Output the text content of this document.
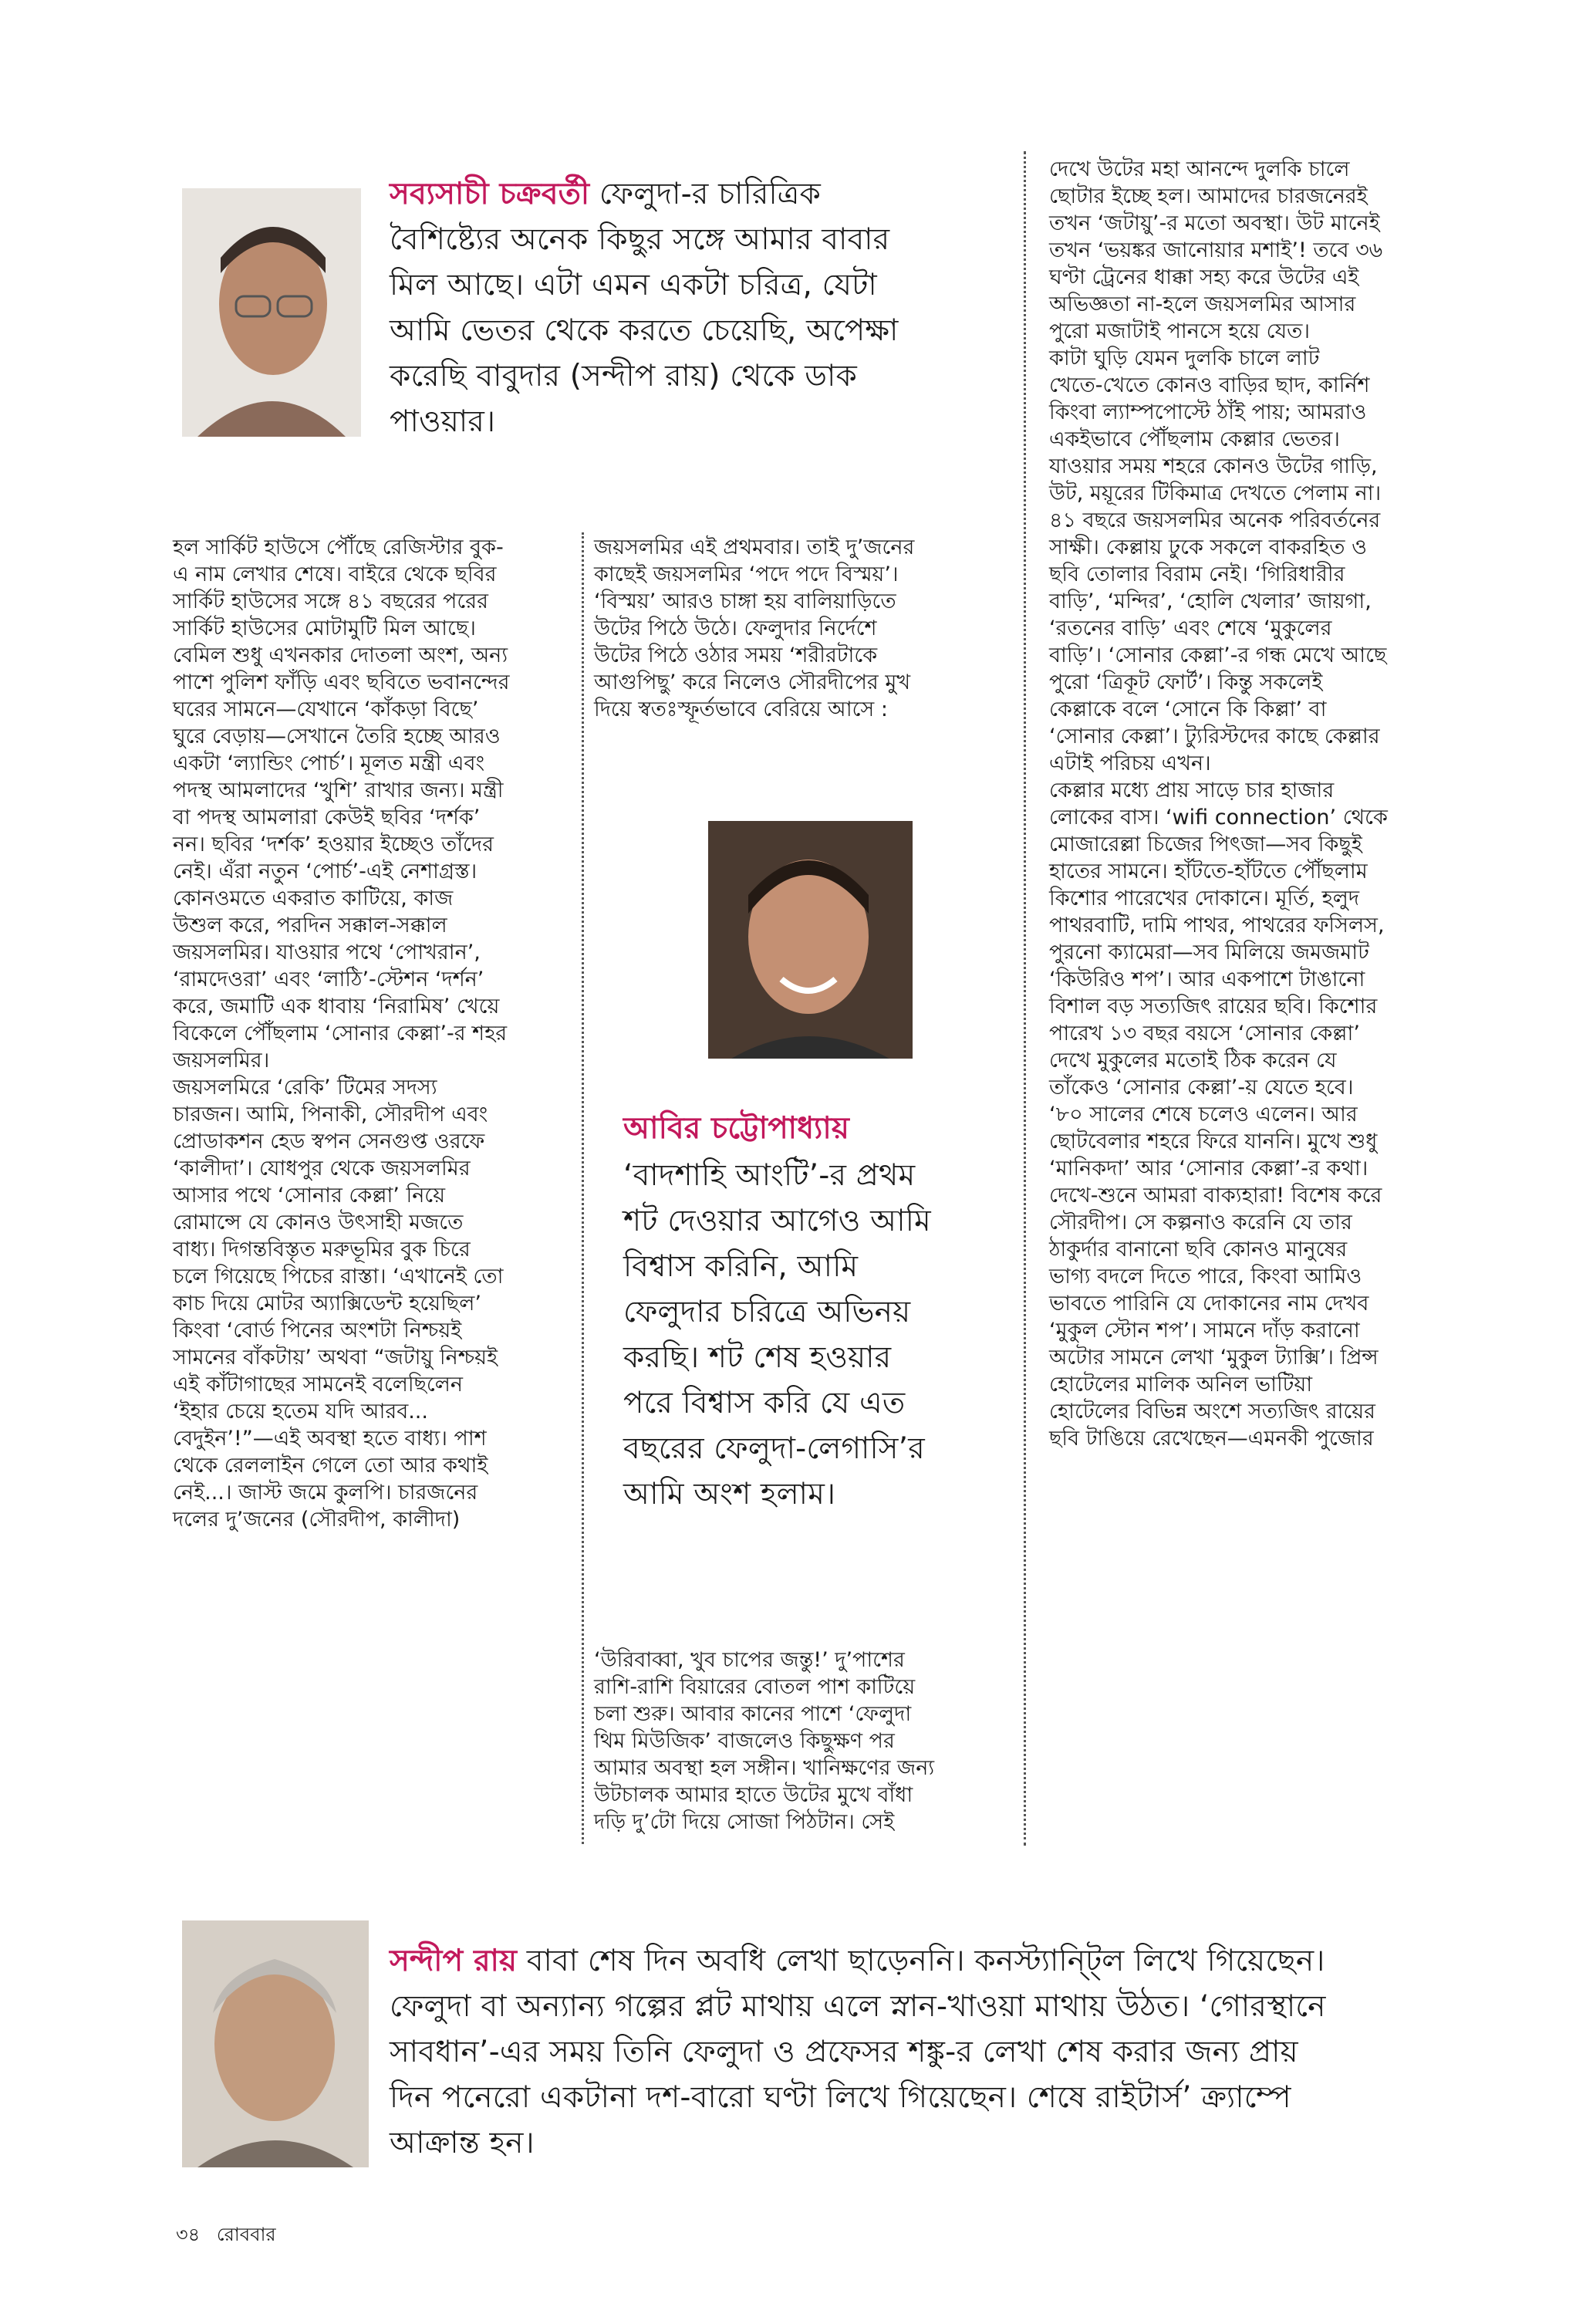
সব্যসাচী চক্রবর্তী ফেলুদা-র চারিত্রিক
বৈশিষ্ট্যের অনেক কিছুর সঙ্গে আমার বাবার
মিল আছে। এটা এমন একটা চরিত্র, যেটা
আমি ভেতর থেকে করতে চেয়েছি, অপেক্ষা
করেছি বাবুদার (সন্দীপ রায়) থেকে ডাক
পাওয়ার।

হল সার্কিট হাউসে পৌঁছে রেজিস্টার বুক-

এ নাম লেখার শেষে। বাইরে থেকে ছবির

সার্কিট হাউসের সঙ্গে ৪১ বছরের পরের

সার্কিট হাউসের মোটামুটি মিল আছে।

বেমিল শুধু এখনকার দোতলা অংশ, অন্য

পাশে পুলিশ ফাঁড়ি এবং ছবিতে ভবানন্দের

ঘরের সামনে—যেখানে ‘কাঁকড়া বিছে’

ঘুরে বেড়ায়—সেখানে তৈরি হচ্ছে আরও

একটা ‘ল্যান্ডিং পোর্চ’। মূলত মন্ত্রী এবং

পদস্থ আমলাদের ‘খুশি’ রাখার জন্য। মন্ত্রী

বা পদস্থ আমলারা কেউই ছবির ‘দর্শক’

নন। ছবির ‘দর্শক’ হওয়ার ইচ্ছেও তাঁদের

নেই। এঁরা নতুন ‘পোর্চ’-এই নেশাগ্রস্ত।

কোনওমতে একরাত কাটিয়ে, কাজ

উশুল করে, পরদিন সক্কাল-সক্কাল

জয়সলমির। যাওয়ার পথে ‘পোখরান’,

‘রামদেওরা’ এবং ‘লাঠি’-স্টেশন ‘দর্শন’

করে, জমাটি এক ধাবায় ‘নিরামিষ’ খেয়ে

বিকেলে পৌঁছলাম ‘সোনার কেল্লা’-র শহর

জয়সলমির।

জয়সলমিরে ‘রেকি’ টিমের সদস্য

চারজন। আমি, পিনাকী, সৌরদীপ এবং

প্রোডাকশন হেড স্বপন সেনগুপ্ত ওরফে

‘কালীদা’। যোধপুর থেকে জয়সলমির

আসার পথে ‘সোনার কেল্লা’ নিয়ে

রোমান্সে যে কোনও উৎসাহী মজতে

বাধ্য। দিগন্তবিস্তৃত মরুভূমির বুক চিরে

চলে গিয়েছে পিচের রাস্তা। ‘এখানেই তো

কাচ দিয়ে মোটর অ্যাক্সিডেন্ট হয়েছিল’

কিংবা ‘বোর্ড পিনের অংশটা নিশ্চয়ই

সামনের বাঁকটায়’ অথবা “জটায়ু নিশ্চয়ই

এই কাঁটাগাছের সামনেই বলেছিলেন

‘ইহার চেয়ে হতেম যদি আরব...

বেদুইন’!”—এই অবস্থা হতে বাধ্য। পাশ

থেকে রেললাইন গেলে তো আর কথাই

নেই...। জাস্ট জমে কুলপি। চারজনের

দলের দু’জনের (সৌরদীপ, কালীদা)

জয়সলমির এই প্রথমবার। তাই দু’জনের

কাছেই জয়সলমির ‘পদে পদে বিস্ময়’।

‘বিস্ময়’ আরও চাঙ্গা হয় বালিয়াড়িতে

উটের পিঠে উঠে। ফেলুদার নির্দেশে

উটের পিঠে ওঠার সময় ‘শরীরটাকে

আগুপিছু’ করে নিলেও সৌরদীপের মুখ

দিয়ে স্বতঃস্ফূর্তভাবে বেরিয়ে আসে :

আবির চট্টোপাধ্যায়
‘বাদশাহি আংটি’-র প্রথম
শট দেওয়ার আগেও আমি
বিশ্বাস করিনি, আমি
ফেলুদার চরিত্রে অভিনয়
করছি। শট শেষ হওয়ার
পরে বিশ্বাস করি যে এত
বছরের ফেলুদা-লেগাসি’র
আমি অংশ হলাম।

‘উরিবাব্বা, খুব চাপের জন্তু!’ দু’পাশের

রাশি-রাশি বিয়ারের বোতল পাশ কাটিয়ে

চলা শুরু। আবার কানের পাশে ‘ফেলুদা

থিম মিউজিক’ বাজলেও কিছুক্ষণ পর

আমার অবস্থা হল সঙ্গীন। খানিক্ষণের জন্য

উটচালক আমার হাতে উটের মুখে বাঁধা

দড়ি দু’টো দিয়ে সোজা পিঠটান। সেই

দেখে উটের মহা আনন্দে দুলকি চালে

ছোটার ইচ্ছে হল। আমাদের চারজনেরই

তখন ‘জটায়ু’-র মতো অবস্থা। উট মানেই

তখন ‘ভয়ঙ্কর জানোয়ার মশাই’! তবে ৩৬

ঘণ্টা ট্রেনের ধাক্কা সহ্য করে উটের এই

অভিজ্ঞতা না-হলে জয়সলমির আসার

পুরো মজাটাই পানসে হয়ে যেত।

কাটা ঘুড়ি যেমন দুলকি চালে লাট

খেতে-খেতে কোনও বাড়ির ছাদ, কার্নিশ

কিংবা ল্যাম্পপোস্টে ঠাঁই পায়; আমরাও

একইভাবে পৌঁছলাম কেল্লার ভেতর।

যাওয়ার সময় শহরে কোনও উটের গাড়ি,

উট, ময়ূরের টিকিমাত্র দেখতে পেলাম না।

৪১ বছরে জয়সলমির অনেক পরিবর্তনের

সাক্ষী। কেল্লায় ঢুকে সকলে বাকরহিত ও

ছবি তোলার বিরাম নেই। ‘গিরিধারীর

বাড়ি’, ‘মন্দির’, ‘হোলি খেলার’ জায়গা,

‘রতনের বাড়ি’ এবং শেষে ‘মুকুলের

বাড়ি’। ‘সোনার কেল্লা’-র গন্ধ মেখে আছে

পুরো ‘ত্রিকূট ফোর্ট’। কিন্তু সকলেই

কেল্লাকে বলে ‘সোনে কি কিল্লা’ বা

‘সোনার কেল্লা’। ট্যুরিস্টদের কাছে কেল্লার

এটাই পরিচয় এখন।

কেল্লার মধ্যে প্রায় সাড়ে চার হাজার

লোকের বাস। ‘wifi connection’ থেকে

মোজারেল্লা চিজের পিৎজা—সব কিছুই

হাতের সামনে। হাঁটতে-হাঁটতে পৌঁছলাম

কিশোর পারেখের দোকানে। মূর্তি, হলুদ

পাথরবাটি, দামি পাথর, পাথরের ফসিলস,

পুরনো ক্যামেরা—সব মিলিয়ে জমজমাট

‘কিউরিও শপ’। আর একপাশে টাঙানো

বিশাল বড় সত্যজিৎ রায়ের ছবি। কিশোর

পারেখ ১৩ বছর বয়সে ‘সোনার কেল্লা’

দেখে মুকুলের মতোই ঠিক করেন যে

তাঁকেও ‘সোনার কেল্লা’-য় যেতে হবে।

‘৮০ সালের শেষে চলেও এলেন। আর

ছোটবেলার শহরে ফিরে যাননি। মুখে শুধু

‘মানিকদা’ আর ‘সোনার কেল্লা’-র কথা।

দেখে-শুনে আমরা বাক্যহারা! বিশেষ করে

সৌরদীপ। সে কল্পনাও করেনি যে তার

ঠাকুর্দার বানানো ছবি কোনও মানুষের

ভাগ্য বদলে দিতে পারে, কিংবা আমিও

ভাবতে পারিনি যে দোকানের নাম দেখব

‘মুকুল স্টোন শপ’। সামনে দাঁড় করানো

অটোর সামনে লেখা ‘মুকুল ট্যাক্সি’। প্রিন্স

হোটেলের মালিক অনিল ভাটিয়া

হোটেলের বিভিন্ন অংশে সত্যজিৎ রায়ের

ছবি টাঙিয়ে রেখেছেন—এমনকী পুজোর

সন্দীপ রায় বাবা শেষ দিন অবধি লেখা ছাড়েননি। কনস্ট্যান্ট্লি লিখে গিয়েছেন।
ফেলুদা বা অন্যান্য গল্পের প্লট মাথায় এলে স্নান-খাওয়া মাথায় উঠত। ‘গোরস্থানে
সাবধান’-এর সময় তিনি ফেলুদা ও প্রফেসর শঙ্কু-র লেখা শেষ করার জন্য প্রায়
দিন পনেরো একটানা দশ-বারো ঘণ্টা লিখে গিয়েছেন। শেষে রাইটার্স’ ক্র্যাম্পে
আক্রান্ত হন।
৩৪ রোববার
